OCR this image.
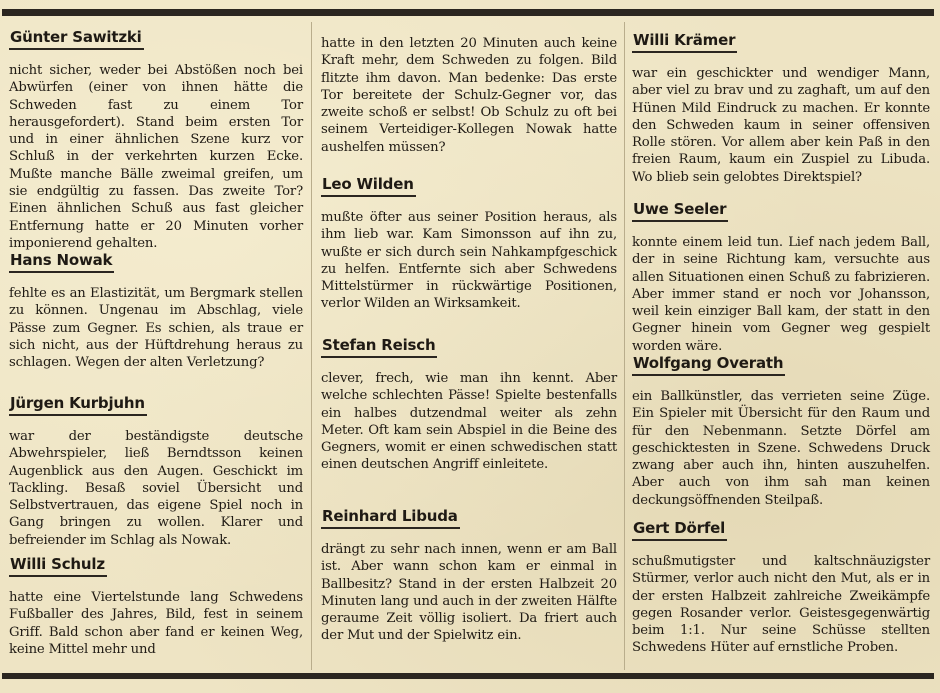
Günter Sawitzki
nicht sicher, weder bei Abstößen noch bei Abwürfen (einer von ihnen hätte die Schweden fast zu einem Tor herausgefordert). Stand beim ersten Tor und in einer ähnlichen Szene kurz vor Schluß in der verkehrten kurzen Ecke. Mußte manche Bälle zweimal greifen, um sie endgültig zu fassen. Das zweite Tor? Einen ähnlichen Schuß aus fast gleicher Entfernung hatte er 20 Minuten vorher imponierend gehalten.
Hans Nowak
fehlte es an Elastizität, um Bergmark stellen zu können. Ungenau im Abschlag, viele Pässe zum Gegner. Es schien, als traue er sich nicht, aus der Hüftdrehung heraus zu schlagen. Wegen der alten Verletzung?
Jürgen Kurbjuhn
war der beständigste deutsche Abwehrspieler, ließ Berndtsson keinen Augenblick aus den Augen. Geschickt im Tackling. Besaß soviel Übersicht und Selbstvertrauen, das eigene Spiel noch in Gang bringen zu wollen. Klarer und befreiender im Schlag als Nowak.
Willi Schulz
hatte eine Viertelstunde lang Schwedens Fußballer des Jahres, Bild, fest in seinem Griff. Bald schon aber fand er keinen Weg, keine Mittel mehr und
hatte in den letzten 20 Minuten auch keine Kraft mehr, dem Schweden zu folgen. Bild flitzte ihm davon. Man bedenke: Das erste Tor bereitete der Schulz-Gegner vor, das zweite schoß er selbst! Ob Schulz zu oft bei seinem Verteidiger-Kollegen Nowak hatte aushelfen müssen?
Leo Wilden
mußte öfter aus seiner Position heraus, als ihm lieb war. Kam Simonsson auf ihn zu, wußte er sich durch sein Nahkampfgeschick zu helfen. Entfernte sich aber Schwedens Mittelstürmer in rückwärtige Positionen, verlor Wilden an Wirksamkeit.
Stefan Reisch
clever, frech, wie man ihn kennt. Aber welche schlechten Pässe! Spielte bestenfalls ein halbes dutzendmal weiter als zehn Meter. Oft kam sein Abspiel in die Beine des Gegners, womit er einen schwedischen statt einen deutschen Angriff einleitete.
Reinhard Libuda
drängt zu sehr nach innen, wenn er am Ball ist. Aber wann schon kam er einmal in Ballbesitz? Stand in der ersten Halbzeit 20 Minuten lang und auch in der zweiten Hälfte geraume Zeit völlig isoliert. Da friert auch der Mut und der Spielwitz ein.
Willi Krämer
war ein geschickter und wendiger Mann, aber viel zu brav und zu zaghaft, um auf den Hünen Mild Eindruck zu machen. Er konnte den Schweden kaum in seiner offensiven Rolle stören. Vor allem aber kein Paß in den freien Raum, kaum ein Zuspiel zu Libuda. Wo blieb sein gelobtes Direktspiel?
Uwe Seeler
konnte einem leid tun. Lief nach jedem Ball, der in seine Richtung kam, versuchte aus allen Situationen einen Schuß zu fabrizieren. Aber immer stand er noch vor Johansson, weil kein einziger Ball kam, der statt in den Gegner hinein vom Gegner weg gespielt worden wäre.
Wolfgang Overath
ein Ballkünstler, das verrieten seine Züge. Ein Spieler mit Übersicht für den Raum und für den Nebenmann. Setzte Dörfel am geschicktesten in Szene. Schwedens Druck zwang aber auch ihn, hinten auszuhelfen. Aber auch von ihm sah man keinen deckungsöffnenden Steilpaß.
Gert Dörfel
schußmutigster und kaltschnäuzigster Stürmer, verlor auch nicht den Mut, als er in der ersten Halbzeit zahlreiche Zweikämpfe gegen Rosander verlor. Geistesgegenwärtig beim 1:1. Nur seine Schüsse stellten Schwedens Hüter auf ernstliche Proben.
